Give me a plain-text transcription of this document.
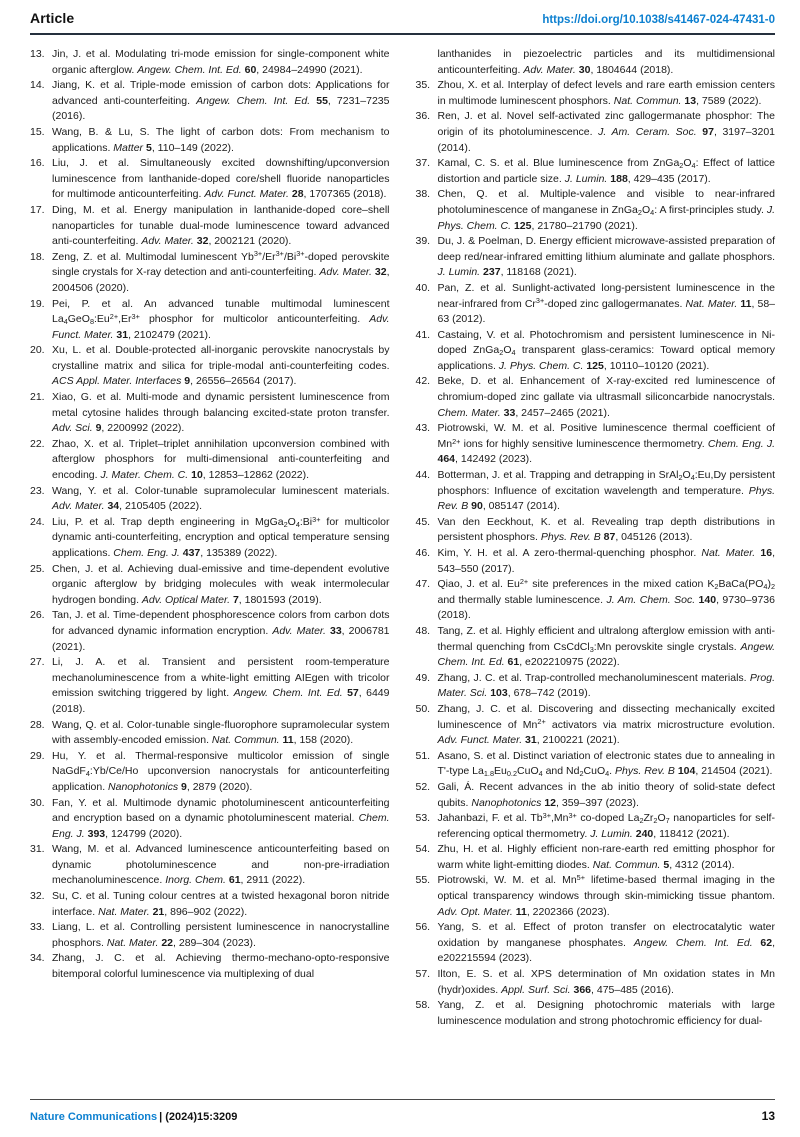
Article	https://doi.org/10.1038/s41467-024-47431-0
13. Jin, J. et al. Modulating tri-mode emission for single-component white organic afterglow. Angew. Chem. Int. Ed. 60, 24984–24990 (2021).
14. Jiang, K. et al. Triple-mode emission of carbon dots: Applications for advanced anti-counterfeiting. Angew. Chem. Int. Ed. 55, 7231–7235 (2016).
15. Wang, B. & Lu, S. The light of carbon dots: From mechanism to applications. Matter 5, 110–149 (2022).
16. Liu, J. et al. Simultaneously excited downshifting/upconversion luminescence from lanthanide-doped core/shell fluoride nanoparticles for multimode anticounterfeiting. Adv. Funct. Mater. 28, 1707365 (2018).
17. Ding, M. et al. Energy manipulation in lanthanide-doped core–shell nanoparticles for tunable dual-mode luminescence toward advanced anti-counterfeiting. Adv. Mater. 32, 2002121 (2020).
18. Zeng, Z. et al. Multimodal luminescent $Yb^{3+}/Er^{3+}/Bi^{3+}$-doped perovskite single crystals for X-ray detection and anti-counterfeiting. Adv. Mater. 32, 2004506 (2020).
19. Pei, P. et al. An advanced tunable multimodal luminescent $La_4GeO_8:Eu^{2+},Er^{3+}$ phosphor for multicolor anticounterfeiting. Adv. Funct. Mater. 31, 2102479 (2021).
20. Xu, L. et al. Double-protected all-inorganic perovskite nanocrystals by crystalline matrix and silica for triple-modal anti-counterfeiting codes. ACS Appl. Mater. Interfaces 9, 26556–26564 (2017).
21. Xiao, G. et al. Multi-mode and dynamic persistent luminescence from metal cytosine halides through balancing excited-state proton transfer. Adv. Sci. 9, 2200992 (2022).
22. Zhao, X. et al. Triplet–triplet annihilation upconversion combined with afterglow phosphors for multi-dimensional anti-counterfeiting and encoding. J. Mater. Chem. C. 10, 12853–12862 (2022).
23. Wang, Y. et al. Color-tunable supramolecular luminescent materials. Adv. Mater. 34, 2105405 (2022).
24. Liu, P. et al. Trap depth engineering in $MgGa_2O_4:Bi^{3+}$ for multicolor dynamic anti-counterfeiting, encryption and optical temperature sensing applications. Chem. Eng. J. 437, 135389 (2022).
25. Chen, J. et al. Achieving dual-emissive and time-dependent evolutive organic afterglow by bridging molecules with weak intermolecular hydrogen bonding. Adv. Optical Mater. 7, 1801593 (2019).
26. Tan, J. et al. Time-dependent phosphorescence colors from carbon dots for advanced dynamic information encryption. Adv. Mater. 33, 2006781 (2021).
27. Li, J. A. et al. Transient and persistent room-temperature mechanoluminescence from a white-light emitting AIEgen with tricolor emission switching triggered by light. Angew. Chem. Int. Ed. 57, 6449 (2018).
28. Wang, Q. et al. Color-tunable single-fluorophore supramolecular system with assembly-encoded emission. Nat. Commun. 11, 158 (2020).
29. Hu, Y. et al. Thermal-responsive multicolor emission of single NaGdF$_4$:Yb/Ce/Ho upconversion nanocrystals for anticounterfeiting application. Nanophotonics 9, 2879 (2020).
30. Fan, Y. et al. Multimode dynamic photoluminescent anticounterfeiting and encryption based on a dynamic photoluminescent material. Chem. Eng. J. 393, 124799 (2020).
31. Wang, M. et al. Advanced luminescence anticounterfeiting based on dynamic photoluminescence and non-pre-irradiation mechanoluminescence. Inorg. Chem. 61, 2911 (2022).
32. Su, C. et al. Tuning colour centres at a twisted hexagonal boron nitride interface. Nat. Mater. 21, 896–902 (2022).
33. Liang, L. et al. Controlling persistent luminescence in nanocrystalline phosphors. Nat. Mater. 22, 289–304 (2023).
34. Zhang, J. C. et al. Achieving thermo-mechano-opto-responsive bitemporal colorful luminescence via multiplexing of dual
lanthanides in piezoelectric particles and its multidimensional anticounterfeiting. Adv. Mater. 30, 1804644 (2018).
35. Zhou, X. et al. Interplay of defect levels and rare earth emission centers in multimode luminescent phosphors. Nat. Commun. 13, 7589 (2022).
36. Ren, J. et al. Novel self-activated zinc gallogermanate phosphor: The origin of its photoluminescence. J. Am. Ceram. Soc. 97, 3197–3201 (2014).
37. Kamal, C. S. et al. Blue luminescence from $ZnGa_2O_4$: Effect of lattice distortion and particle size. J. Lumin. 188, 429–435 (2017).
38. Chen, Q. et al. Multiple-valence and visible to near-infrared photoluminescence of manganese in $ZnGa_2O_4$: A first-principles study. J. Phys. Chem. C. 125, 21780–21790 (2021).
39. Du, J. & Poelman, D. Energy efficient microwave-assisted preparation of deep red/near-infrared emitting lithium aluminate and gallate phosphors. J. Lumin. 237, 118168 (2021).
40. Pan, Z. et al. Sunlight-activated long-persistent luminescence in the near-infrared from $Cr^{3+}$-doped zinc gallogermanates. Nat. Mater. 11, 58–63 (2012).
41. Castaing, V. et al. Photochromism and persistent luminescence in Ni-doped $ZnGa_2O_4$ transparent glass-ceramics: Toward optical memory applications. J. Phys. Chem. C. 125, 10110–10120 (2021).
42. Beke, D. et al. Enhancement of X-ray-excited red luminescence of chromium-doped zinc gallate via ultrasmall siliconcarbide nanocrystals. Chem. Mater. 33, 2457–2465 (2021).
43. Piotrowski, W. M. et al. Positive luminescence thermal coefficient of $Mn^{2+}$ ions for highly sensitive luminescence thermometry. Chem. Eng. J. 464, 142492 (2023).
44. Botterman, J. et al. Trapping and detrapping in $SrAl_2O_4:Eu,Dy$ persistent phosphors: Influence of excitation wavelength and temperature. Phys. Rev. B 90, 085147 (2014).
45. Van den Eeckhout, K. et al. Revealing trap depth distributions in persistent phosphors. Phys. Rev. B 87, 045126 (2013).
46. Kim, Y. H. et al. A zero-thermal-quenching phosphor. Nat. Mater. 16, 543–550 (2017).
47. Qiao, J. et al. $Eu^{2+}$ site preferences in the mixed cation $K_2BaCa(PO_4)_2$ and thermally stable luminescence. J. Am. Chem. Soc. 140, 9730–9736 (2018).
48. Tang, Z. et al. Highly efficient and ultralong afterglow emission with anti-thermal quenching from CsCdCl$_3$:Mn perovskite single crystals. Angew. Chem. Int. Ed. 61, e202210975 (2022).
49. Zhang, J. C. et al. Trap-controlled mechanoluminescent materials. Prog. Mater. Sci. 103, 678–742 (2019).
50. Zhang, J. C. et al. Discovering and dissecting mechanically excited luminescence of $Mn^{2+}$ activators via matrix microstructure evolution. Adv. Funct. Mater. 31, 2100221 (2021).
51. Asano, S. et al. Distinct variation of electronic states due to annealing in T'-type $La_{1.8}Eu_{0.2}CuO_4$ and $Nd_2CuO_4$. Phys. Rev. B 104, 214504 (2021).
52. Gali, Á. Recent advances in the ab initio theory of solid-state defect qubits. Nanophotonics 12, 359–397 (2023).
53. Jahanbazi, F. et al. $Tb^{3+},Mn^{3+}$ co-doped $La_2Zr_2O_7$ nanoparticles for self-referencing optical thermometry. J. Lumin. 240, 118412 (2021).
54. Zhu, H. et al. Highly efficient non-rare-earth red emitting phosphor for warm white light-emitting diodes. Nat. Commun. 5, 4312 (2014).
55. Piotrowski, W. M. et al. $Mn^{5+}$ lifetime-based thermal imaging in the optical transparency windows through skin-mimicking tissue phantom. Adv. Opt. Mater. 11, 2202366 (2023).
56. Yang, S. et al. Effect of proton transfer on electrocatalytic water oxidation by manganese phosphates. Angew. Chem. Int. Ed. 62, e202215594 (2023).
57. Ilton, E. S. et al. XPS determination of Mn oxidation states in Mn (hydr)oxides. Appl. Surf. Sci. 366, 475–485 (2016).
58. Yang, Z. et al. Designing photochromic materials with large luminescence modulation and strong photochromic efficiency for dual-
Nature Communications | (2024)15:3209	13
